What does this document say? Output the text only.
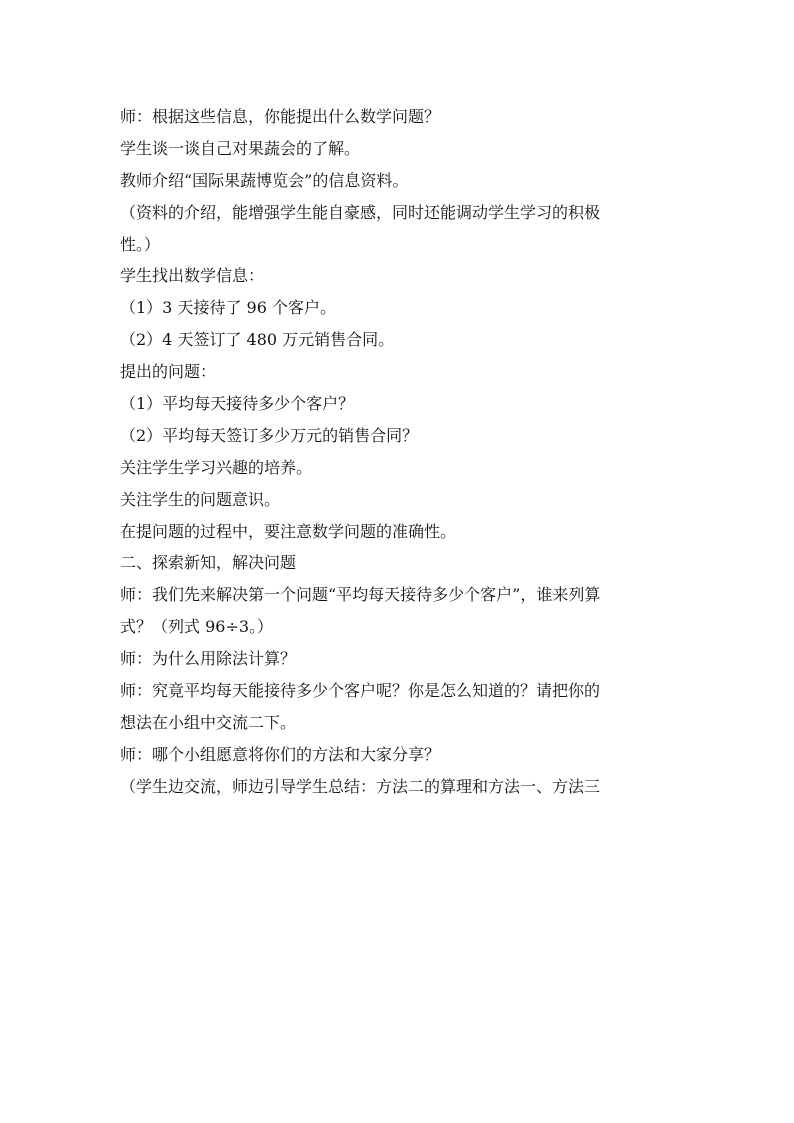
师：根据这些信息，你能提出什么数学问题？

学生谈一谈自己对果蔬会的了解。

教师介绍“国际果蔬博览会”的信息资料。

（资料的介绍，能增强学生能自豪感，同时还能调动学生学习的积极

性。）

学生找出数学信息：

（1）3 天接待了 96 个客户。

（2）4 天签订了 480 万元销售合同。

提出的问题：

（1）平均每天接待多少个客户？

（2）平均每天签订多少万元的销售合同？

关注学生学习兴趣的培养。

关注学生的问题意识。

在提问题的过程中，要注意数学问题的准确性。

二、探索新知，解决问题

师：我们先来解决第一个问题“平均每天接待多少个客户”，谁来列算

式？（列式 96÷3。）

师：为什么用除法计算？

师：究竟平均每天能接待多少个客户呢？你是怎么知道的？请把你的

想法在小组中交流二下。

师：哪个小组愿意将你们的方法和大家分享？

（学生边交流，师边引导学生总结：方法二的算理和方法一、方法三
